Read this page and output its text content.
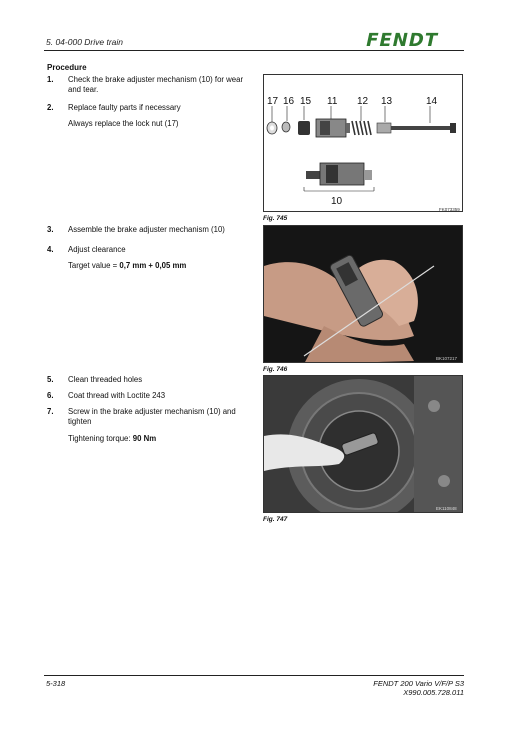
5. 04-000 Drive train	FENDT
Procedure
1. Check the brake adjuster mechanism (10) for wear and tear.
2. Replace faulty parts if necessary
Always replace the lock nut (17)
3. Assemble the brake adjuster mechanism (10)
4. Adjust clearance
Target value = 0,7 mm + 0,05 mm
5. Clean threaded holes
6. Coat thread with Loctite 243
7. Screw in the brake adjuster mechanism (10) and tighten
Tightening torque: 90 Nm
17 16 15 11 12 13	14
10
FK073359
Fig. 745
BK107217
Fig. 746
EK110848
Fig. 747
5-318	FENDT 200 Vario V/F/P S3
X990.005.728.011
